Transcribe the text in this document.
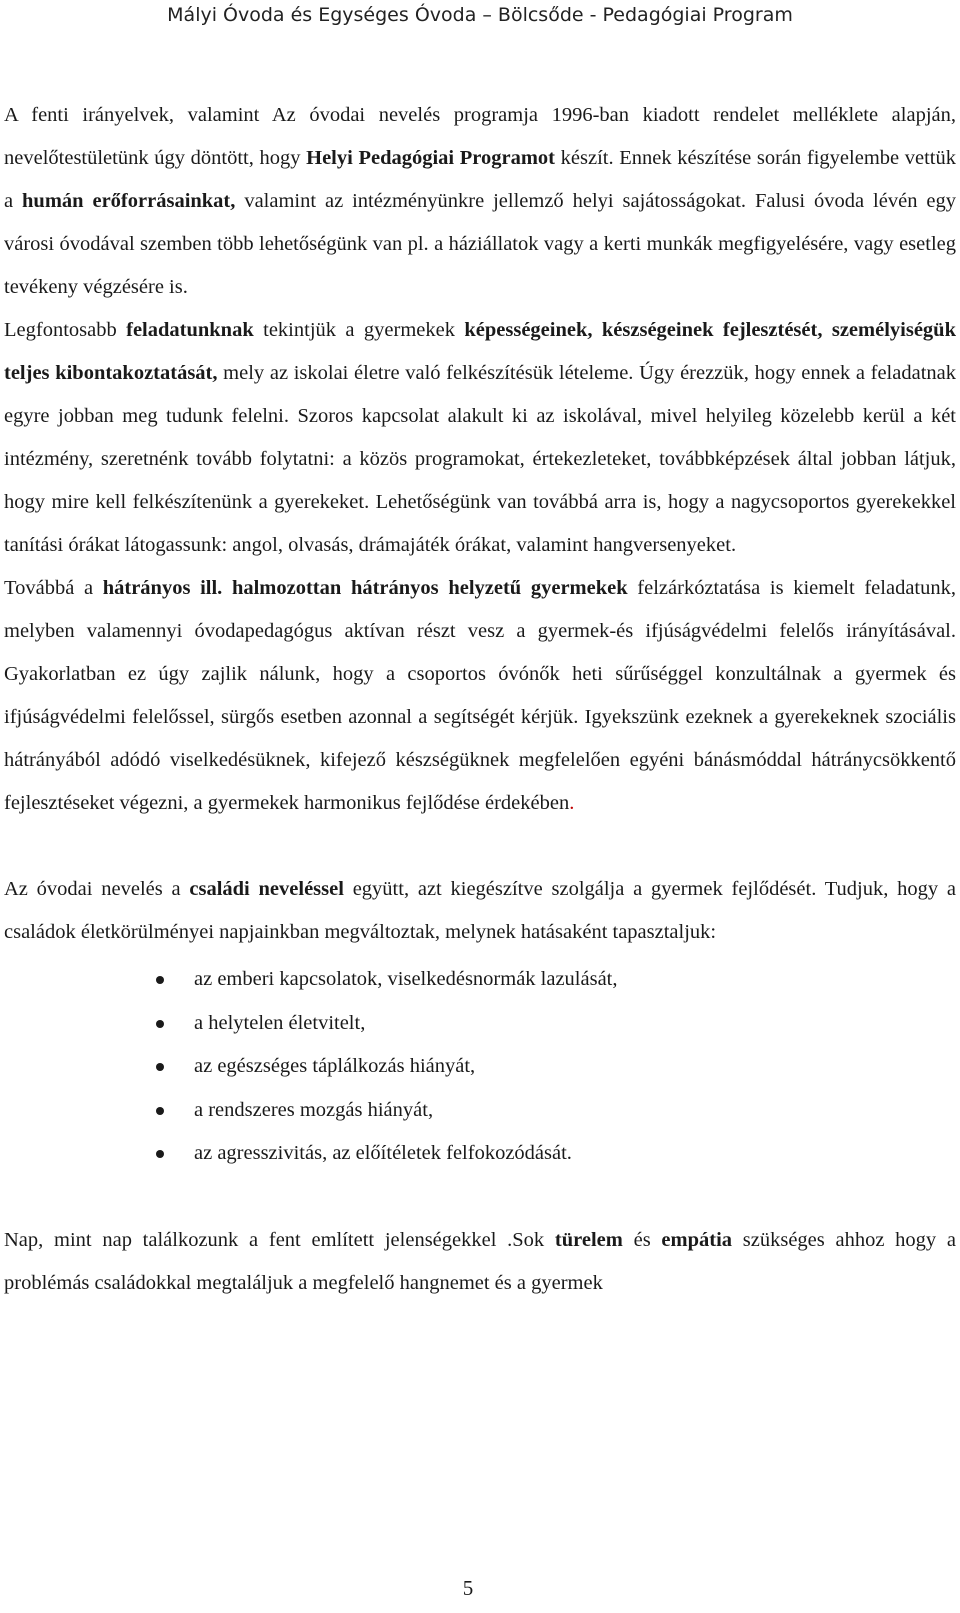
Mályi Óvoda és Egységes Óvoda – Bölcsőde - Pedagógiai Program

A fenti irányelvek, valamint Az óvodai nevelés programja 1996-ban kiadott rendelet melléklete alapján, nevelőtestületünk úgy döntött, hogy Helyi Pedagógiai Programot készít. Ennek készítése során figyelembe vettük a humán erőforrásainkat, valamint az intézményünkre jellemző helyi sajátosságokat. Falusi óvoda lévén egy városi óvodával szemben több lehetőségünk van pl. a háziállatok vagy a kerti munkák megfigyelésére, vagy esetleg tevékeny végzésére is.

Legfontosabb feladatunknak tekintjük a gyermekek képességeinek, készségeinek fejlesztését, személyiségük teljes kibontakoztatását, mely az iskolai életre való felkészítésük lételeme. Úgy érezzük, hogy ennek a feladatnak egyre jobban meg tudunk felelni. Szoros kapcsolat alakult ki az iskolával, mivel helyileg közelebb kerül a két intézmény, szeretnénk tovább folytatni: a közös programokat, értekezleteket, továbbképzések által jobban látjuk, hogy mire kell felkészítenünk a gyerekeket. Lehetőségünk van továbbá arra is, hogy a nagycsoportos gyerekekkel tanítási órákat látogassunk: angol, olvasás, drámajáték órákat, valamint hangversenyeket.

Továbbá a hátrányos ill. halmozottan hátrányos helyzetű gyermekek felzárkóztatása is kiemelt feladatunk, melyben valamennyi óvodapedagógus aktívan részt vesz a gyermek-és ifjúságvédelmi felelős irányításával. Gyakorlatban ez úgy zajlik nálunk, hogy a csoportos óvónők heti sűrűséggel konzultálnak a gyermek és ifjúságvédelmi felelőssel, sürgős esetben azonnal a segítségét kérjük. Igyekszünk ezeknek a gyerekeknek szociális hátrányából adódó viselkedésüknek, kifejező készségüknek megfelelően egyéni bánásmóddal hátránycsökkentő fejlesztéseket végezni, a gyermekek harmonikus fejlődése érdekében.

Az óvodai nevelés a családi neveléssel együtt, azt kiegészítve szolgálja a gyermek fejlődését. Tudjuk, hogy a családok életkörülményei napjainkban megváltoztak, melynek hatásaként tapasztaljuk:

az emberi kapcsolatok, viselkedésnormák lazulását,
a helytelen életvitelt,
az egészséges táplálkozás hiányát,
a rendszeres mozgás hiányát,
az agresszivitás, az előítéletek felfokozódását.

Nap, mint nap találkozunk a fent említett jelenségekkel .Sok türelem és empátia szükséges ahhoz hogy a problémás családokkal megtaláljuk a megfelelő hangnemet és a gyermek

5
